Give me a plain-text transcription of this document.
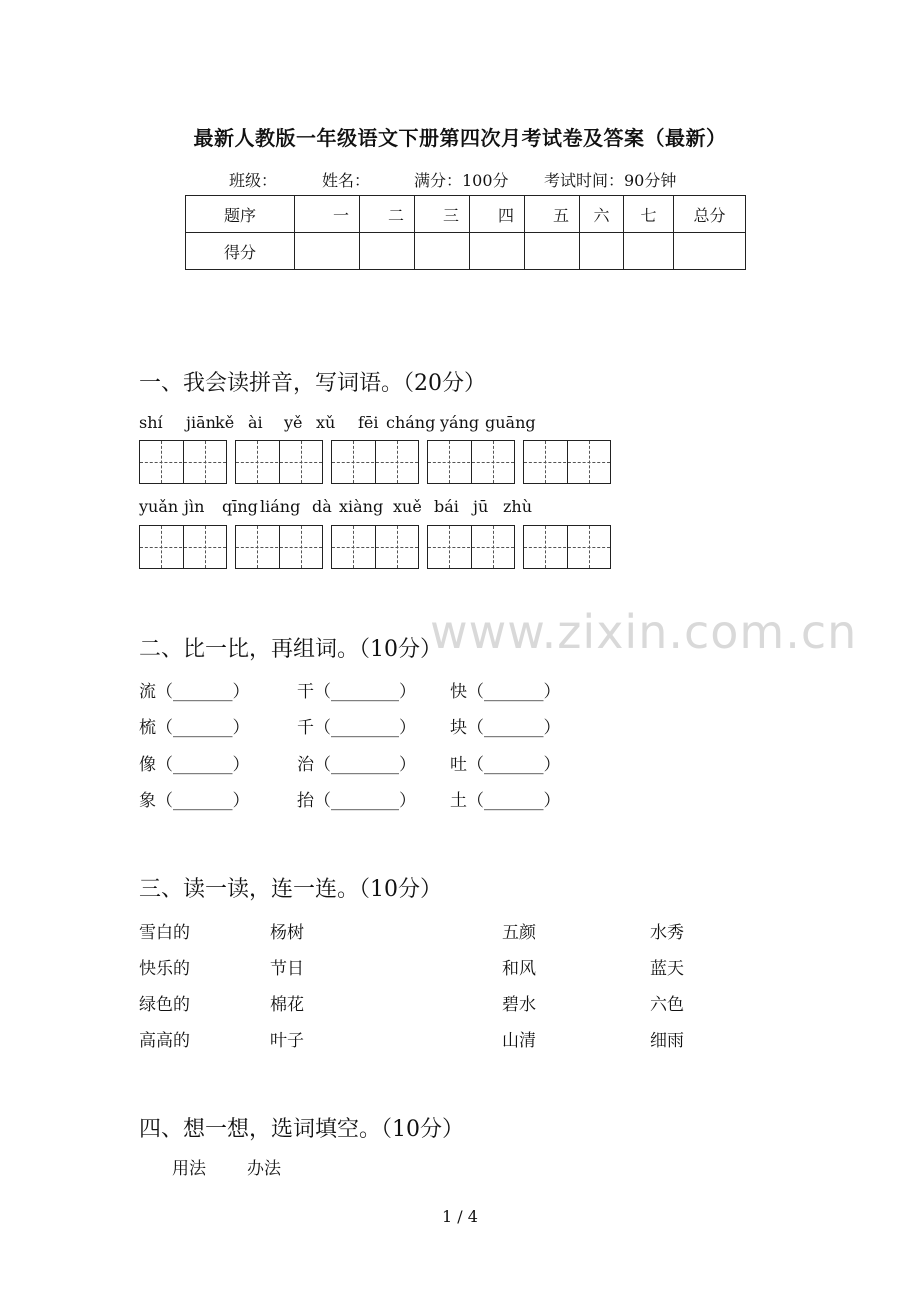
最新人教版一年级语文下册第四次月考试卷及答案（最新）
班级：	姓名：	满分：100分 考试时间：90分钟
题序	一	二	三	四	五	六	七	总分
得分								
一、我会读拼音，写词语。（20分）
shí jiān kě ài yě xǔ fēi cháng yáng guāng
yuǎn jìn qīng liáng dà xiàng xuě bái jū zhù
www.zixin.com.cn
二、比一比，再组词。（10分）
流（_______）	干（________） 快（_______）
梳（_______）	千（________） 块（_______）
像（_______）	治（________） 吐（_______）
象（_______）	抬（________） 土（_______）
三、读一读，连一连。（10分）
雪白的	杨树	五颜	水秀
快乐的	节日	和风	蓝天
绿色的	棉花	碧水	六色
高高的	叶子	山清	细雨
四、想一想，选词填空。（10分）
用法 办法
1 / 4
